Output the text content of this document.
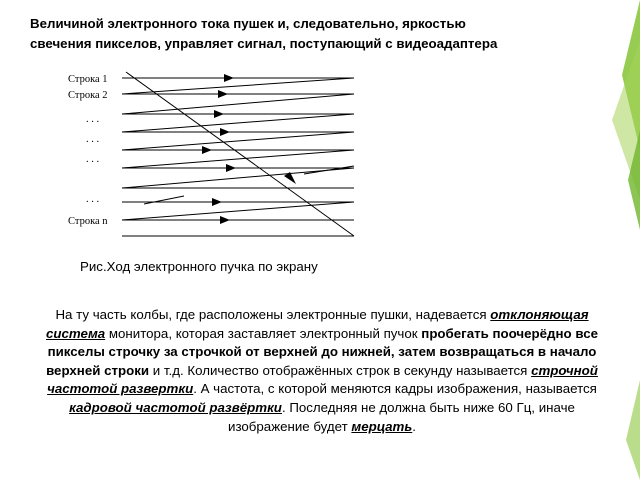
Величиной электронного тока пушек и, следовательно, яркостью
свечения пикселов, управляет сигнал, поступающий с видеоадаптера
Строка 1
Строка 2
. . .
. . .
. . .
. . .
Строка n
Рис.Ход электронного пучка по экрану

На ту часть колбы, где расположены электронные пушки, надевается отклоняющая система монитора, которая заставляет электронный пучок пробегать поочерёдно все пикселы строчку за строчкой от верхней до нижней, затем возвращаться в начало верхней строки и т.д. Количество отображённых строк в секунду называется строчной частотой развертки. А частота, с которой меняются кадры изображения, называется кадровой частотой развёртки. Последняя не должна быть ниже 60 Гц, иначе изображение будет мерцать.
